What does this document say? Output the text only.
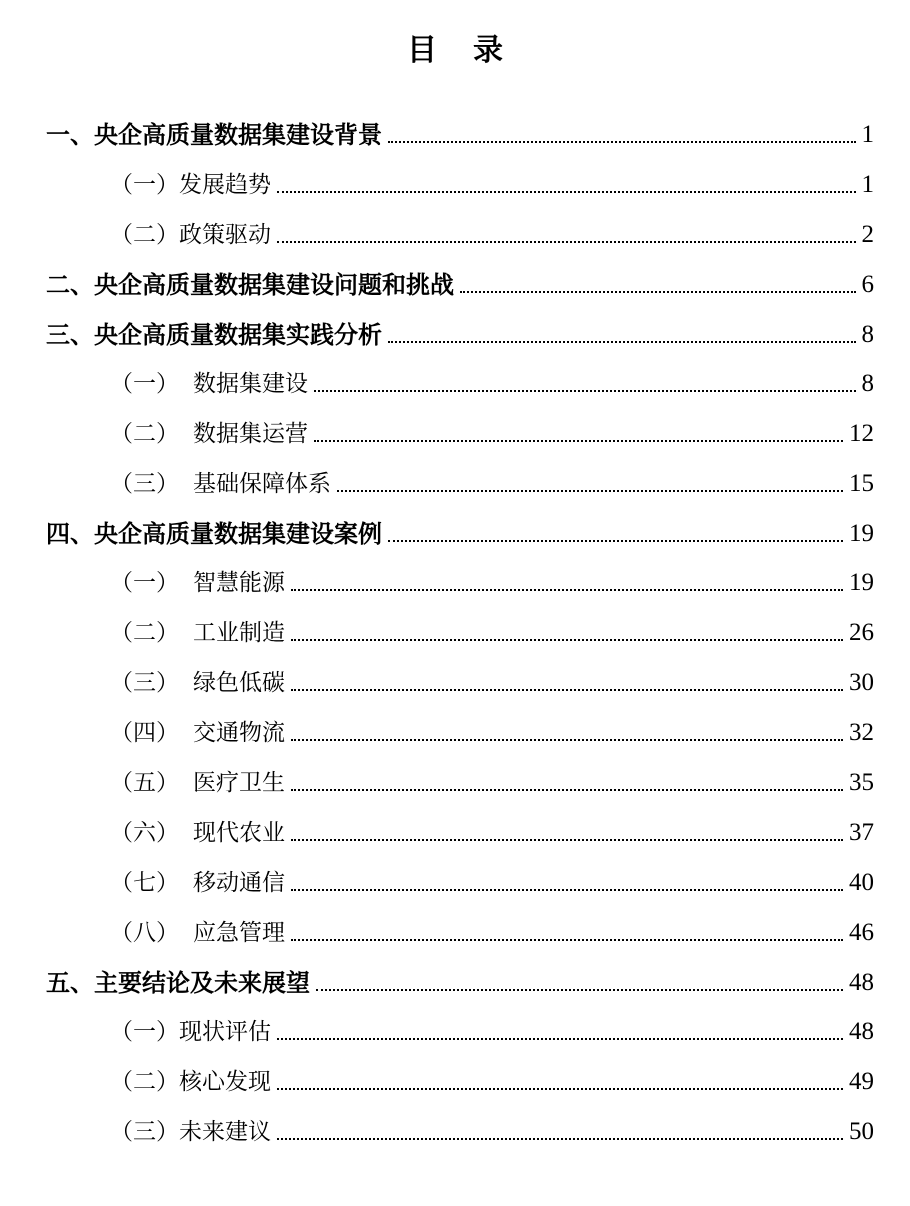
目 录
一、央企高质量数据集建设背景	1
（一）发展趋势	1
（二）政策驱动	2
二、央企高质量数据集建设问题和挑战	6
三、央企高质量数据集实践分析	8
（一） 数据集建设	8
（二） 数据集运营	12
（三） 基础保障体系	15
四、央企高质量数据集建设案例	19
（一） 智慧能源	19
（二） 工业制造	26
（三） 绿色低碳	30
（四） 交通物流	32
（五） 医疗卫生	35
（六） 现代农业	37
（七） 移动通信	40
（八） 应急管理	46
五、主要结论及未来展望	48
（一）现状评估	48
（二）核心发现	49
（三）未来建议	50
